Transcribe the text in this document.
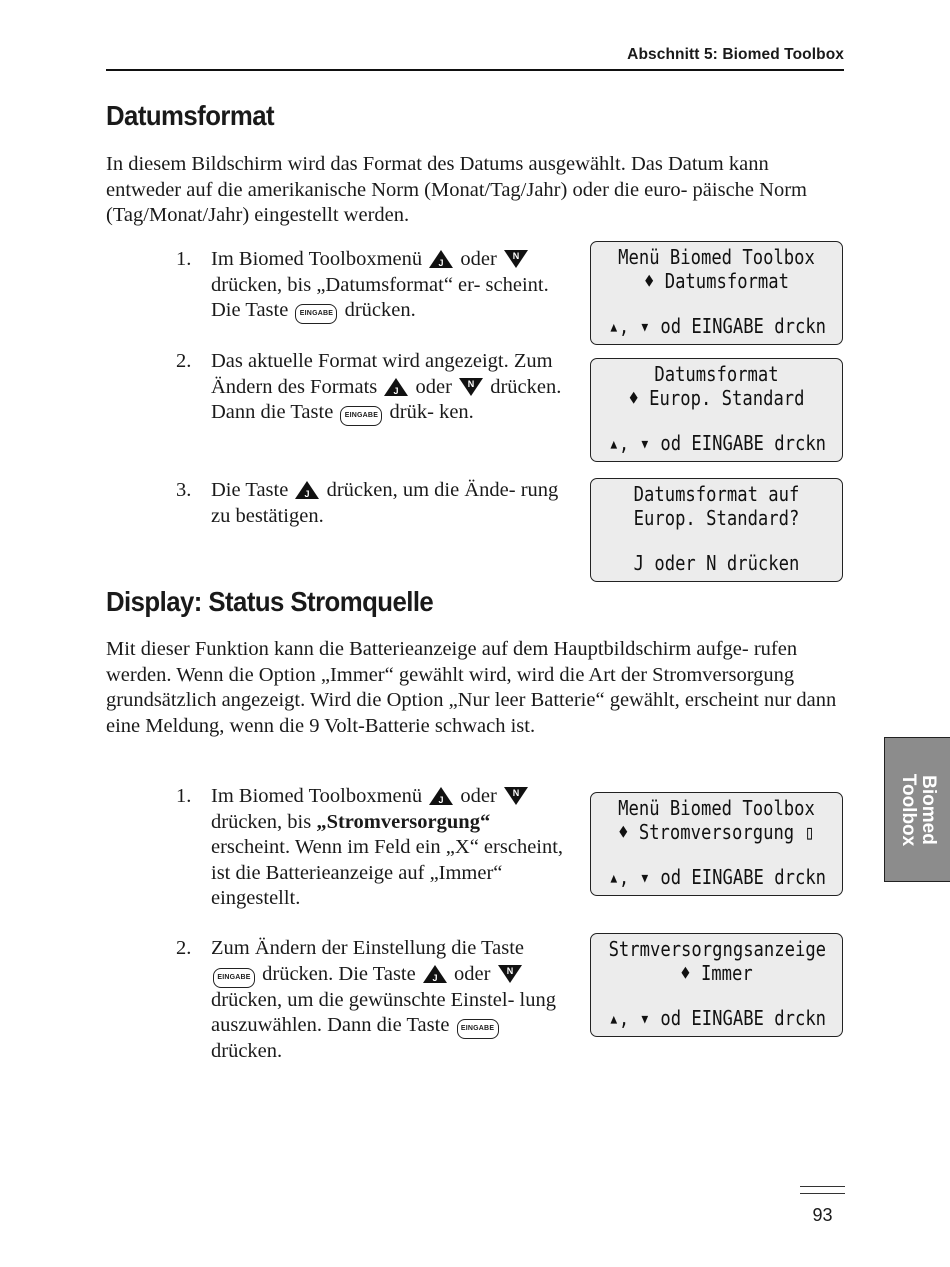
Abschnitt 5: Biomed Toolbox
Datumsformat

In diesem Bildschirm wird das Format des Datums ausgewählt. Das Datum kann entweder auf die amerikanische Norm (Monat/Tag/Jahr) oder die euro- päische Norm (Tag/Monat/Jahr) eingestellt werden.

1. Im Biomed Toolboxmenü J oder N
drücken, bis „Datumsformat“ er- scheint. Die Taste EINGABE drücken.
2. Das aktuelle Format wird angezeigt. Zum Ändern des Formats J oder N drücken. Dann die Taste EINGABE drük- ken.
3. Die Taste J drücken, um die Ände- rung zu bestätigen.
Menü Biomed Toolbox
♦ Datumsformat
▴, ▾ od EINGABE drckn
Datumsformat
♦ Europ. Standard
▴, ▾ od EINGABE drckn
Datumsformat auf
Europ. Standard?
J oder N drücken
Display: Status Stromquelle

Mit dieser Funktion kann die Batterieanzeige auf dem Hauptbildschirm aufge- rufen werden. Wenn die Option „Immer“ gewählt wird, wird die Art der Stromversorgung grundsätzlich angezeigt. Wird die Option „Nur leer Batterie“ gewählt, erscheint nur dann eine Meldung, wenn die 9 Volt-Batterie schwach ist.

1. Im Biomed Toolboxmenü J oder N
drücken, bis „Stromversorgung“ erscheint. Wenn im Feld ein „X“ erscheint, ist die Batterieanzeige auf „Immer“ eingestellt.
2. Zum Ändern der Einstellung die Taste EINGABE drücken. Die Taste J oder N
drücken, um die gewünschte Einstel- lung auszuwählen. Dann die Taste EINGABE drücken.
Menü Biomed Toolbox
♦ Stromversorgung ▯
▴, ▾ od EINGABE drckn
Strmversorgngsanzeige
♦ Immer
▴, ▾ od EINGABE drckn
Biomed
Toolbox
93
